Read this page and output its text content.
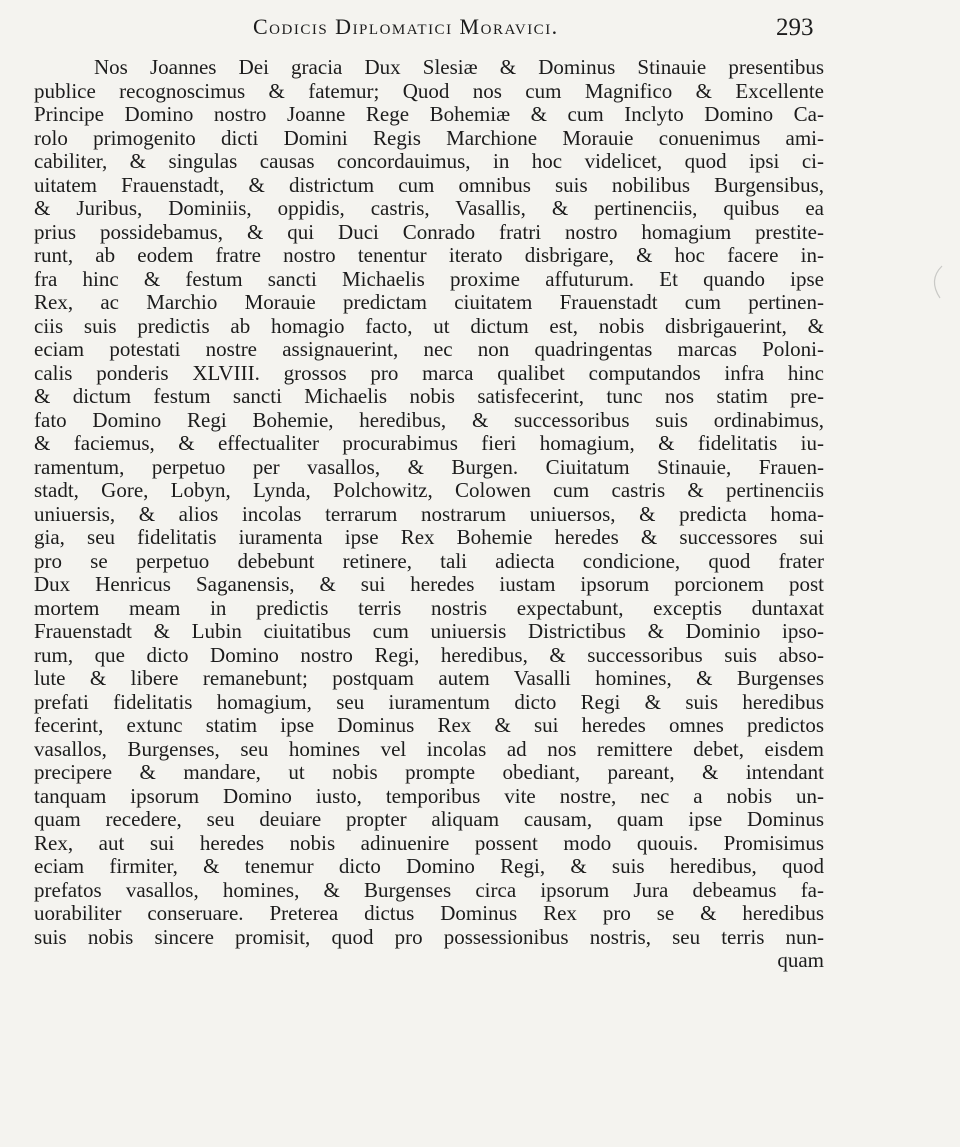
Codicis Diplomatici Moravici.	293
Nos Joannes Dei gracia Dux Slesiæ & Dominus Stinauie presentibus
publice recognoscimus & fatemur; Quod nos cum Magnifico & Excellente
Principe Domino nostro Joanne Rege Bohemiæ & cum Inclyto Domino Ca-
rolo primogenito dicti Domini Regis Marchione Morauie conuenimus ami-
cabiliter, & singulas causas concordauimus, in hoc videlicet, quod ipsi ci-
uitatem Frauenstadt, & districtum cum omnibus suis nobilibus Burgensibus,
& Juribus, Dominiis, oppidis, castris, Vasallis, & pertinenciis, quibus ea
prius possidebamus, & qui Duci Conrado fratri nostro homagium prestite-
runt, ab eodem fratre nostro tenentur iterato disbrigare, & hoc facere in-
fra hinc & festum sancti Michaelis proxime affuturum. Et quando ipse
Rex, ac Marchio Morauie predictam ciuitatem Frauenstadt cum pertinen-
ciis suis predictis ab homagio facto, ut dictum est, nobis disbrigauerint, &
eciam potestati nostre assignauerint, nec non quadringentas marcas Poloni-
calis ponderis XLVIII. grossos pro marca qualibet computandos infra hinc
& dictum festum sancti Michaelis nobis satisfecerint, tunc nos statim pre-
fato Domino Regi Bohemie, heredibus, & successoribus suis ordinabimus,
& faciemus, & effectualiter procurabimus fieri homagium, & fidelitatis iu-
ramentum, perpetuo per vasallos, & Burgen. Ciuitatum Stinauie, Frauen-
stadt, Gore, Lobyn, Lynda, Polchowitz, Colowen cum castris & pertinenciis
uniuersis, & alios incolas terrarum nostrarum uniuersos, & predicta homa-
gia, seu fidelitatis iuramenta ipse Rex Bohemie heredes & successores sui
pro se perpetuo debebunt retinere, tali adiecta condicione, quod frater
Dux Henricus Saganensis, & sui heredes iustam ipsorum porcionem post
mortem meam in predictis terris nostris expectabunt, exceptis duntaxat
Frauenstadt & Lubin ciuitatibus cum uniuersis Districtibus & Dominio ipso-
rum, que dicto Domino nostro Regi, heredibus, & successoribus suis abso-
lute & libere remanebunt; postquam autem Vasalli homines, & Burgenses
prefati fidelitatis homagium, seu iuramentum dicto Regi & suis heredibus
fecerint, extunc statim ipse Dominus Rex & sui heredes omnes predictos
vasallos, Burgenses, seu homines vel incolas ad nos remittere debet, eisdem
precipere & mandare, ut nobis prompte obediant, pareant, & intendant
tanquam ipsorum Domino iusto, temporibus vite nostre, nec a nobis un-
quam recedere, seu deuiare propter aliquam causam, quam ipse Dominus
Rex, aut sui heredes nobis adinuenire possent modo quouis. Promisimus
eciam firmiter, & tenemur dicto Domino Regi, & suis heredibus, quod
prefatos vasallos, homines, & Burgenses circa ipsorum Jura debeamus fa-
uorabiliter conseruare. Preterea dictus Dominus Rex pro se & heredibus
suis nobis sincere promisit, quod pro possessionibus nostris, seu terris nun-
quam
